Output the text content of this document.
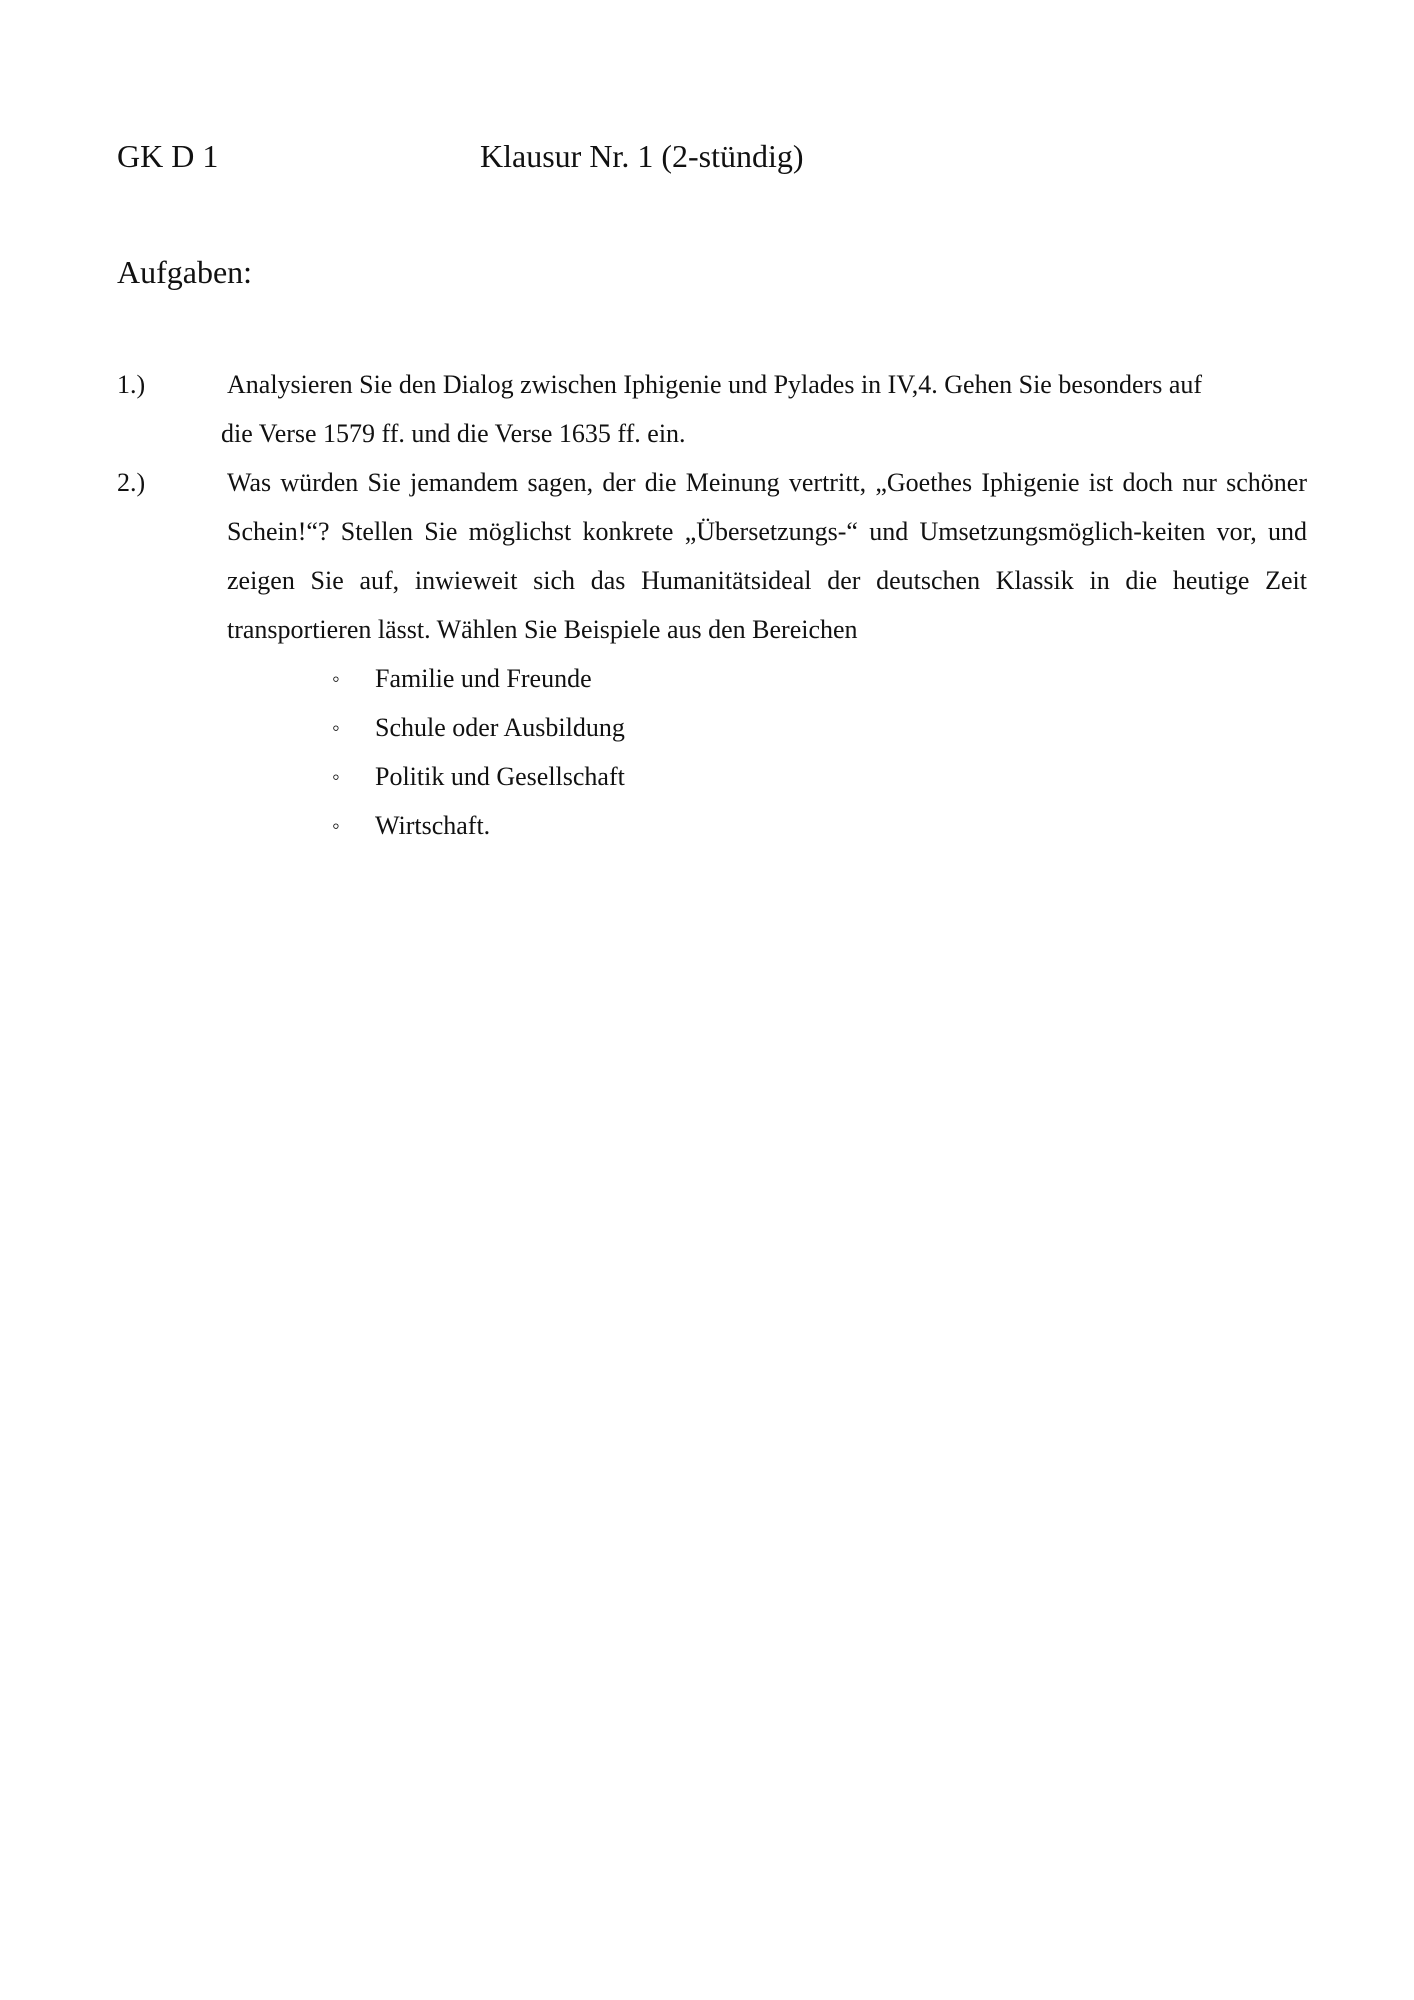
GK D 1	Klausur Nr. 1 (2-stündig)
Aufgaben:
1.)	Analysieren Sie den Dialog zwischen Iphigenie und Pylades in IV,4. Gehen Sie besonders auf
die Verse 1579 ff. und die Verse 1635 ff. ein.
2.)	Was würden Sie jemandem sagen, der die Meinung vertritt, „Goethes Iphigenie ist doch nur schöner Schein!“? Stellen Sie möglichst konkrete „Übersetzungs-“ und Umsetzungsmöglich-keiten vor, und zeigen Sie auf, inwieweit sich das Humanitätsideal der deutschen Klassik in die heutige Zeit transportieren lässt. Wählen Sie Beispiele aus den Bereichen
◦ Familie und Freunde
◦ Schule oder Ausbildung
◦ Politik und Gesellschaft
◦ Wirtschaft.
